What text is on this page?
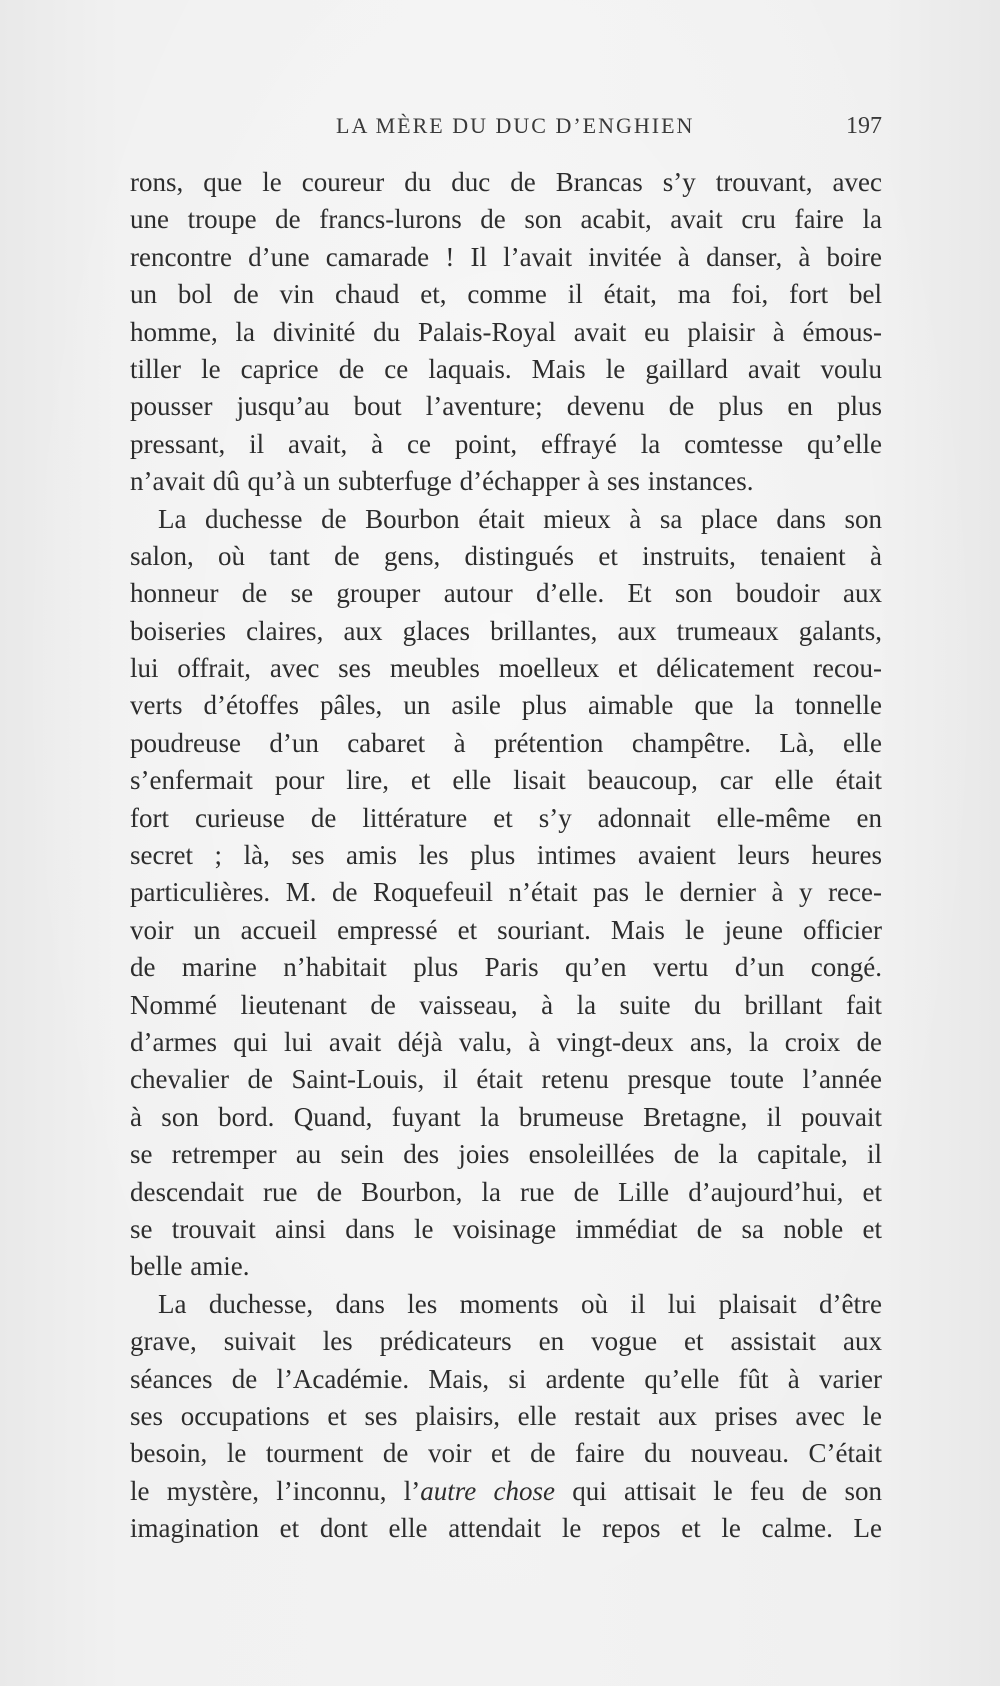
LA MÈRE DU DUC D’ENGHIEN	197

rons, que le coureur du duc de Brancas s’y trouvant, avec
une troupe de francs-lurons de son acabit, avait cru faire la
rencontre d’une camarade ! Il l’avait invitée à danser, à boire
un bol de vin chaud et, comme il était, ma foi, fort bel
homme, la divinité du Palais-Royal avait eu plaisir à émous-
tiller le caprice de ce laquais. Mais le gaillard avait voulu
pousser jusqu’au bout l’aventure; devenu de plus en plus
pressant, il avait, à ce point, effrayé la comtesse qu’elle
n’avait dû qu’à un subterfuge d’échapper à ses instances.

La duchesse de Bourbon était mieux à sa place dans son
salon, où tant de gens, distingués et instruits, tenaient à
honneur de se grouper autour d’elle. Et son boudoir aux
boiseries claires, aux glaces brillantes, aux trumeaux galants,
lui offrait, avec ses meubles moelleux et délicatement recou-
verts d’étoffes pâles, un asile plus aimable que la tonnelle
poudreuse d’un cabaret à prétention champêtre. Là, elle
s’enfermait pour lire, et elle lisait beaucoup, car elle était
fort curieuse de littérature et s’y adonnait elle-même en
secret ; là, ses amis les plus intimes avaient leurs heures
particulières. M. de Roquefeuil n’était pas le dernier à y rece-
voir un accueil empressé et souriant. Mais le jeune officier
de marine n’habitait plus Paris qu’en vertu d’un congé.
Nommé lieutenant de vaisseau, à la suite du brillant fait
d’armes qui lui avait déjà valu, à vingt-deux ans, la croix de
chevalier de Saint-Louis, il était retenu presque toute l’année
à son bord. Quand, fuyant la brumeuse Bretagne, il pouvait
se retremper au sein des joies ensoleillées de la capitale, il
descendait rue de Bourbon, la rue de Lille d’aujourd’hui, et
se trouvait ainsi dans le voisinage immédiat de sa noble et
belle amie.

La duchesse, dans les moments où il lui plaisait d’être
grave, suivait les prédicateurs en vogue et assistait aux
séances de l’Académie. Mais, si ardente qu’elle fût à varier
ses occupations et ses plaisirs, elle restait aux prises avec le
besoin, le tourment de voir et de faire du nouveau. C’était
le mystère, l’inconnu, l’autre chose qui attisait le feu de son
imagination et dont elle attendait le repos et le calme. Le
